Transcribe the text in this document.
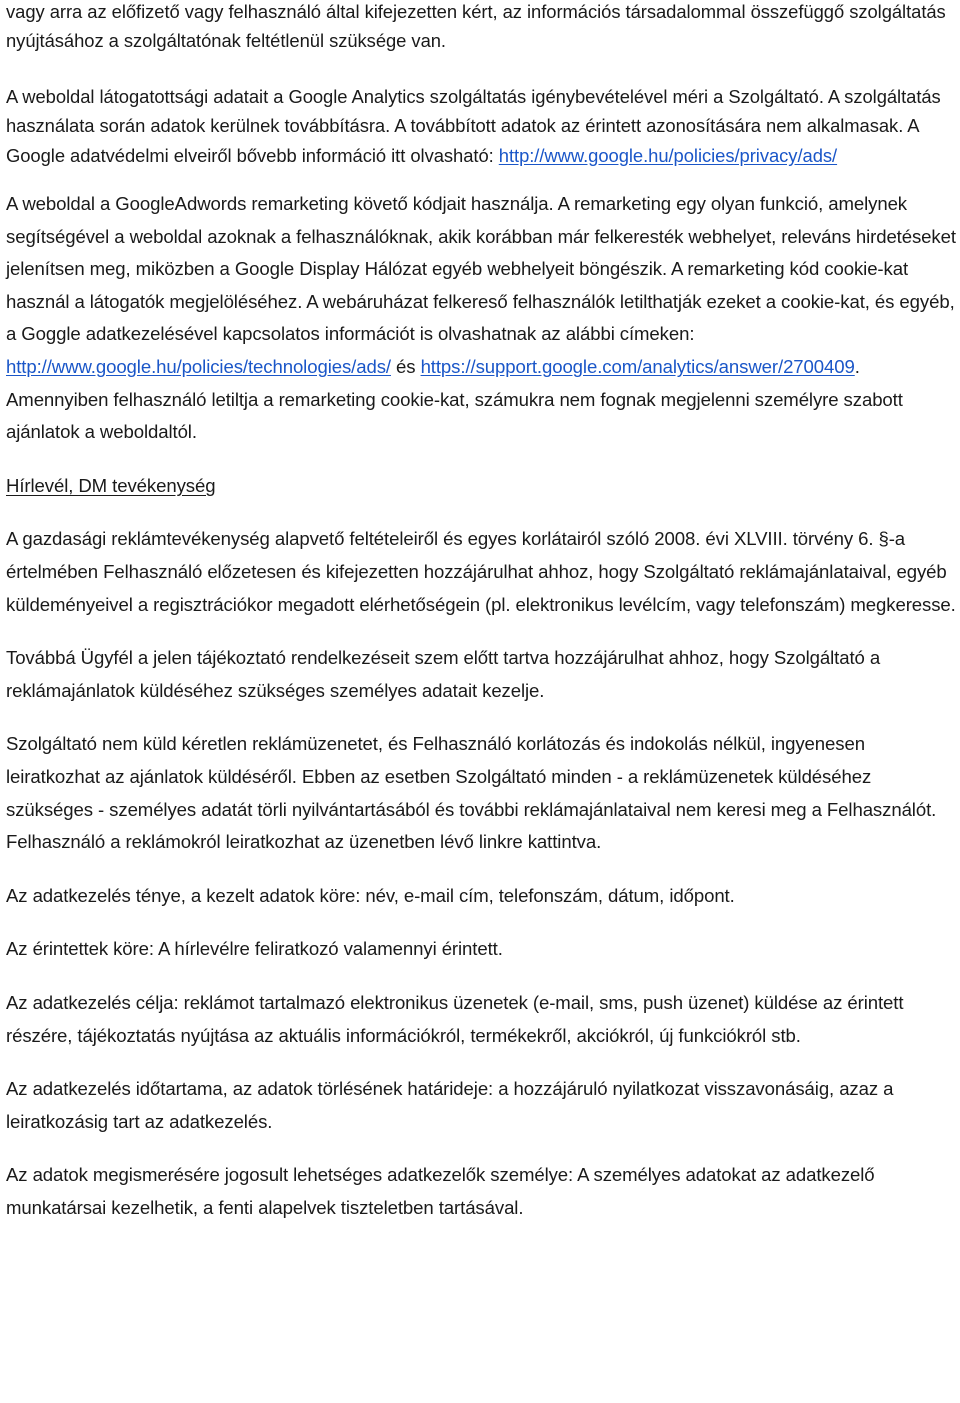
vagy arra az előfizető vagy felhasználó által kifejezetten kért, az információs társadalommal összefüggő szolgáltatás nyújtásához a szolgáltatónak feltétlenül szüksége van.

A weboldal látogatottsági adatait a Google Analytics szolgáltatás igénybevételével méri a Szolgáltató. A szolgáltatás használata során adatok kerülnek továbbításra. A továbbított adatok az érintett azonosítására nem alkalmasak. A Google adatvédelmi elveiről bővebb információ itt olvasható: http://www.google.hu/policies/privacy/ads/

A weboldal a GoogleAdwords remarketing követő kódjait használja. A remarketing egy olyan funkció, amelynek segítségével a weboldal azoknak a felhasználóknak, akik korábban már felkeresték webhelyet, releváns hirdetéseket jelenítsen meg, miközben a Google Display Hálózat egyéb webhelyeit böngészik. A remarketing kód cookie-kat használ a látogatók megjelöléséhez. A webáruházat felkereső felhasználók letilthatják ezeket a cookie-kat, és egyéb, a Goggle adatkezelésével kapcsolatos információt is olvashatnak az alábbi címeken: http://www.google.hu/policies/technologies/ads/ és https://support.google.com/analytics/answer/2700409. Amennyiben felhasználó letiltja a remarketing cookie-kat, számukra nem fognak megjelenni személyre szabott ajánlatok a weboldaltól.

Hírlevél, DM tevékenység

A gazdasági reklámtevékenység alapvető feltételeiről és egyes korlátairól szóló 2008. évi XLVIII. törvény 6. §-a értelmében Felhasználó előzetesen és kifejezetten hozzájárulhat ahhoz, hogy Szolgáltató reklámajánlataival, egyéb küldeményeivel a regisztrációkor megadott elérhetőségein (pl. elektronikus levélcím, vagy telefonszám) megkeresse.

Továbbá Ügyfél a jelen tájékoztató rendelkezéseit szem előtt tartva hozzájárulhat ahhoz, hogy Szolgáltató a reklámajánlatok küldéséhez szükséges személyes adatait kezelje.

Szolgáltató nem küld kéretlen reklámüzenetet, és Felhasználó korlátozás és indokolás nélkül, ingyenesen leiratkozhat az ajánlatok küldéséről. Ebben az esetben Szolgáltató minden - a reklámüzenetek küldéséhez szükséges - személyes adatát törli nyilvántartásából és további reklámajánlataival nem keresi meg a Felhasználót. Felhasználó a reklámokról leiratkozhat az üzenetben lévő linkre kattintva.

Az adatkezelés ténye, a kezelt adatok köre: név, e-mail cím, telefonszám, dátum, időpont.

Az érintettek köre: A hírlevélre feliratkozó valamennyi érintett.

Az adatkezelés célja: reklámot tartalmazó elektronikus üzenetek (e-mail, sms, push üzenet) küldése az érintett részére, tájékoztatás nyújtása az aktuális információkról, termékekről, akciókról, új funkciókról stb.

Az adatkezelés időtartama, az adatok törlésének határideje: a hozzájáruló nyilatkozat visszavonásáig, azaz a leiratkozásig tart az adatkezelés.

Az adatok megismerésére jogosult lehetséges adatkezelők személye: A személyes adatokat az adatkezelő munkatársai kezelhetik, a fenti alapelvek tiszteletben tartásával.
